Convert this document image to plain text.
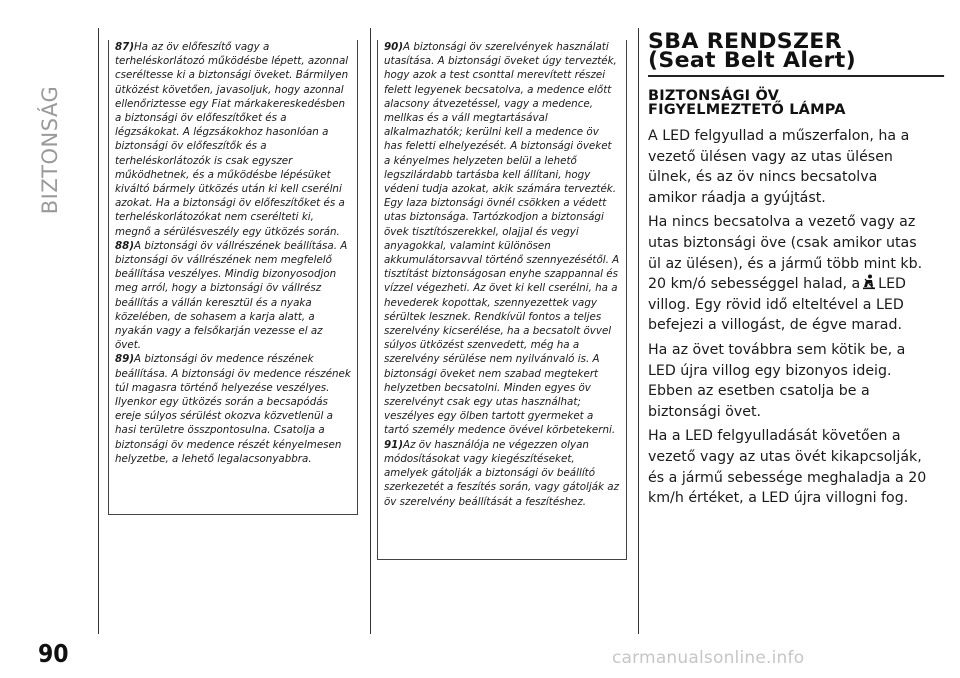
BIZTONSÁG

87)Ha az öv előfeszítő vagy a terheléskorlátozó működésbe lépett, azonnal cseréltesse ki a biztonsági öveket. Bármilyen ütközést követően, javasoljuk, hogy azonnal ellenőriztesse egy Fiat márkakereskedésben a biztonsági öv előfeszítőket és a légzsákokat. A légzsákokhoz hasonlóan a biztonsági öv előfeszítők és a terheléskorlátozók is csak egyszer működhetnek, és a működésbe lépésüket kiváltó bármely ütközés után ki kell cserélni azokat. Ha a biztonsági öv előfeszítőket és a terheléskorlátozókat nem cserélteti ki, megnő a sérülésveszély egy ütközés során.

88)A biztonsági öv vállrészének beállítása. A biztonsági öv vállrészének nem megfelelő beállítása veszélyes. Mindig bizonyosodjon meg arról, hogy a biztonsági öv vállrész beállítás a vállán keresztül és a nyaka közelében, de sohasem a karja alatt, a nyakán vagy a felsőkarján vezesse el az övet.

89)A biztonsági öv medence részének beállítása. A biztonsági öv medence részének túl magasra történő helyezése veszélyes. Ilyenkor egy ütközés során a becsapódás ereje súlyos sérülést okozva közvetlenül a hasi területre összpontosulna. Csatolja a biztonsági öv medence részét kényelmesen helyzetbe, a lehető legalacsonyabbra.

90)A biztonsági öv szerelvények használati utasítása. A biztonsági öveket úgy tervezték, hogy azok a test csonttal merevített részei felett legyenek becsatolva, a medence előtt alacsony átvezetéssel, vagy a medence, mellkas és a váll megtartásával alkalmazhatók; kerülni kell a medence öv has feletti elhelyezését. A biztonsági öveket a kényelmes helyzeten belül a lehető legszilárdabb tartásba kell állítani, hogy védeni tudja azokat, akik számára tervezték. Egy laza biztonsági övnél csökken a védett utas biztonsága. Tartózkodjon a biztonsági övek tisztítószerekkel, olajjal és vegyi anyagokkal, valamint különösen akkumulátorsavval történő szennyezésétől. A tisztítást biztonságosan enyhe szappannal és vízzel végezheti. Az övet ki kell cserélni, ha a hevederek kopottak, szennyezettek vagy sérültek lesznek. Rendkívül fontos a teljes szerelvény kicserélése, ha a becsatolt övvel súlyos ütközést szenvedett, még ha a szerelvény sérülése nem nyilvánvaló is. A biztonsági öveket nem szabad megtekert helyzetben becsatolni. Minden egyes öv szerelvényt csak egy utas használhat; veszélyes egy ölben tartott gyermeket a tartó személy medence övével körbetekerni.

91)Az öv használója ne végezzen olyan módosításokat vagy kiegészítéseket, amelyek gátolják a biztonsági öv beállító szerkezetét a feszítés során, vagy gátolják az öv szerelvény beállítását a feszítéshez.

SBA RENDSZER
(Seat Belt Alert)
BIZTONSÁGI ÖV
FIGYELMEZTETŐ LÁMPA

A LED felgyullad a műszerfalon, ha a vezető ülésen vagy az utas ülésen ülnek, és az öv nincs becsatolva amikor ráadja a gyújtást.

Ha nincs becsatolva a vezető vagy az utas biztonsági öve (csak amikor utas ül az ülésen), és a jármű több mint kb. 20 km/ó sebességgel halad, a LED villog. Egy rövid idő elteltével a LED befejezi a villogást, de égve marad.

Ha az övet továbbra sem kötik be, a LED újra villog egy bizonyos ideig. Ebben az esetben csatolja be a biztonsági övet.

Ha a LED felgyulladását követően a vezető vagy az utas övét kikapcsolják, és a jármű sebessége meghaladja a 20 km/h értéket, a LED újra villogni fog.

90	carmanualsonline.info
